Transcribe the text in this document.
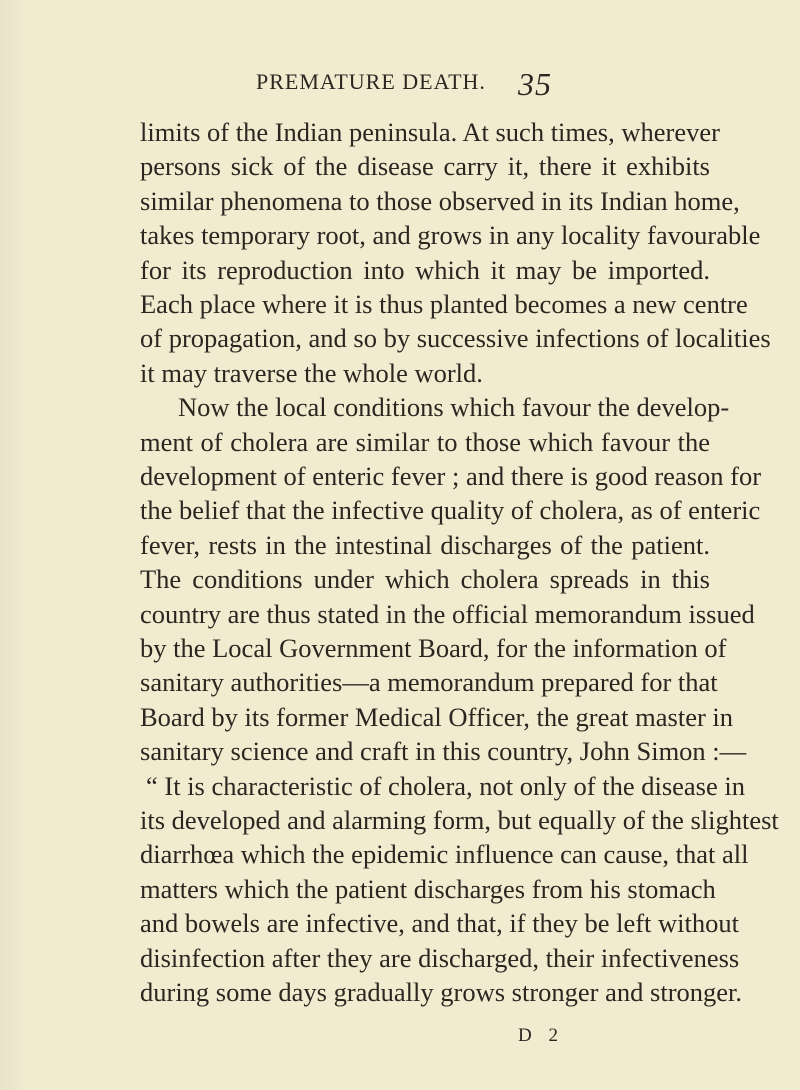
PREMATURE DEATH. 35
limits of the Indian peninsula. At such times, wherever
persons sick of the disease carry it, there it exhibits
similar phenomena to those observed in its Indian home,
takes temporary root, and grows in any locality favourable
for its reproduction into which it may be imported.
Each place where it is thus planted becomes a new centre
of propagation, and so by successive infections of localities
it may traverse the whole world.
Now the local conditions which favour the develop-
ment of cholera are similar to those which favour the
development of enteric fever ; and there is good reason for
the belief that the infective quality of cholera, as of enteric
fever, rests in the intestinal discharges of the patient.
The conditions under which cholera spreads in this
country are thus stated in the official memorandum issued
by the Local Government Board, for the information of
sanitary authorities—a memorandum prepared for that
Board by its former Medical Officer, the great master in
sanitary science and craft in this country, John Simon :—
“ It is characteristic of cholera, not only of the disease in
its developed and alarming form, but equally of the slightest
diarrhœa which the epidemic influence can cause, that all
matters which the patient discharges from his stomach
and bowels are infective, and that, if they be left without
disinfection after they are discharged, their infectiveness
during some days gradually grows stronger and stronger.
D 2
